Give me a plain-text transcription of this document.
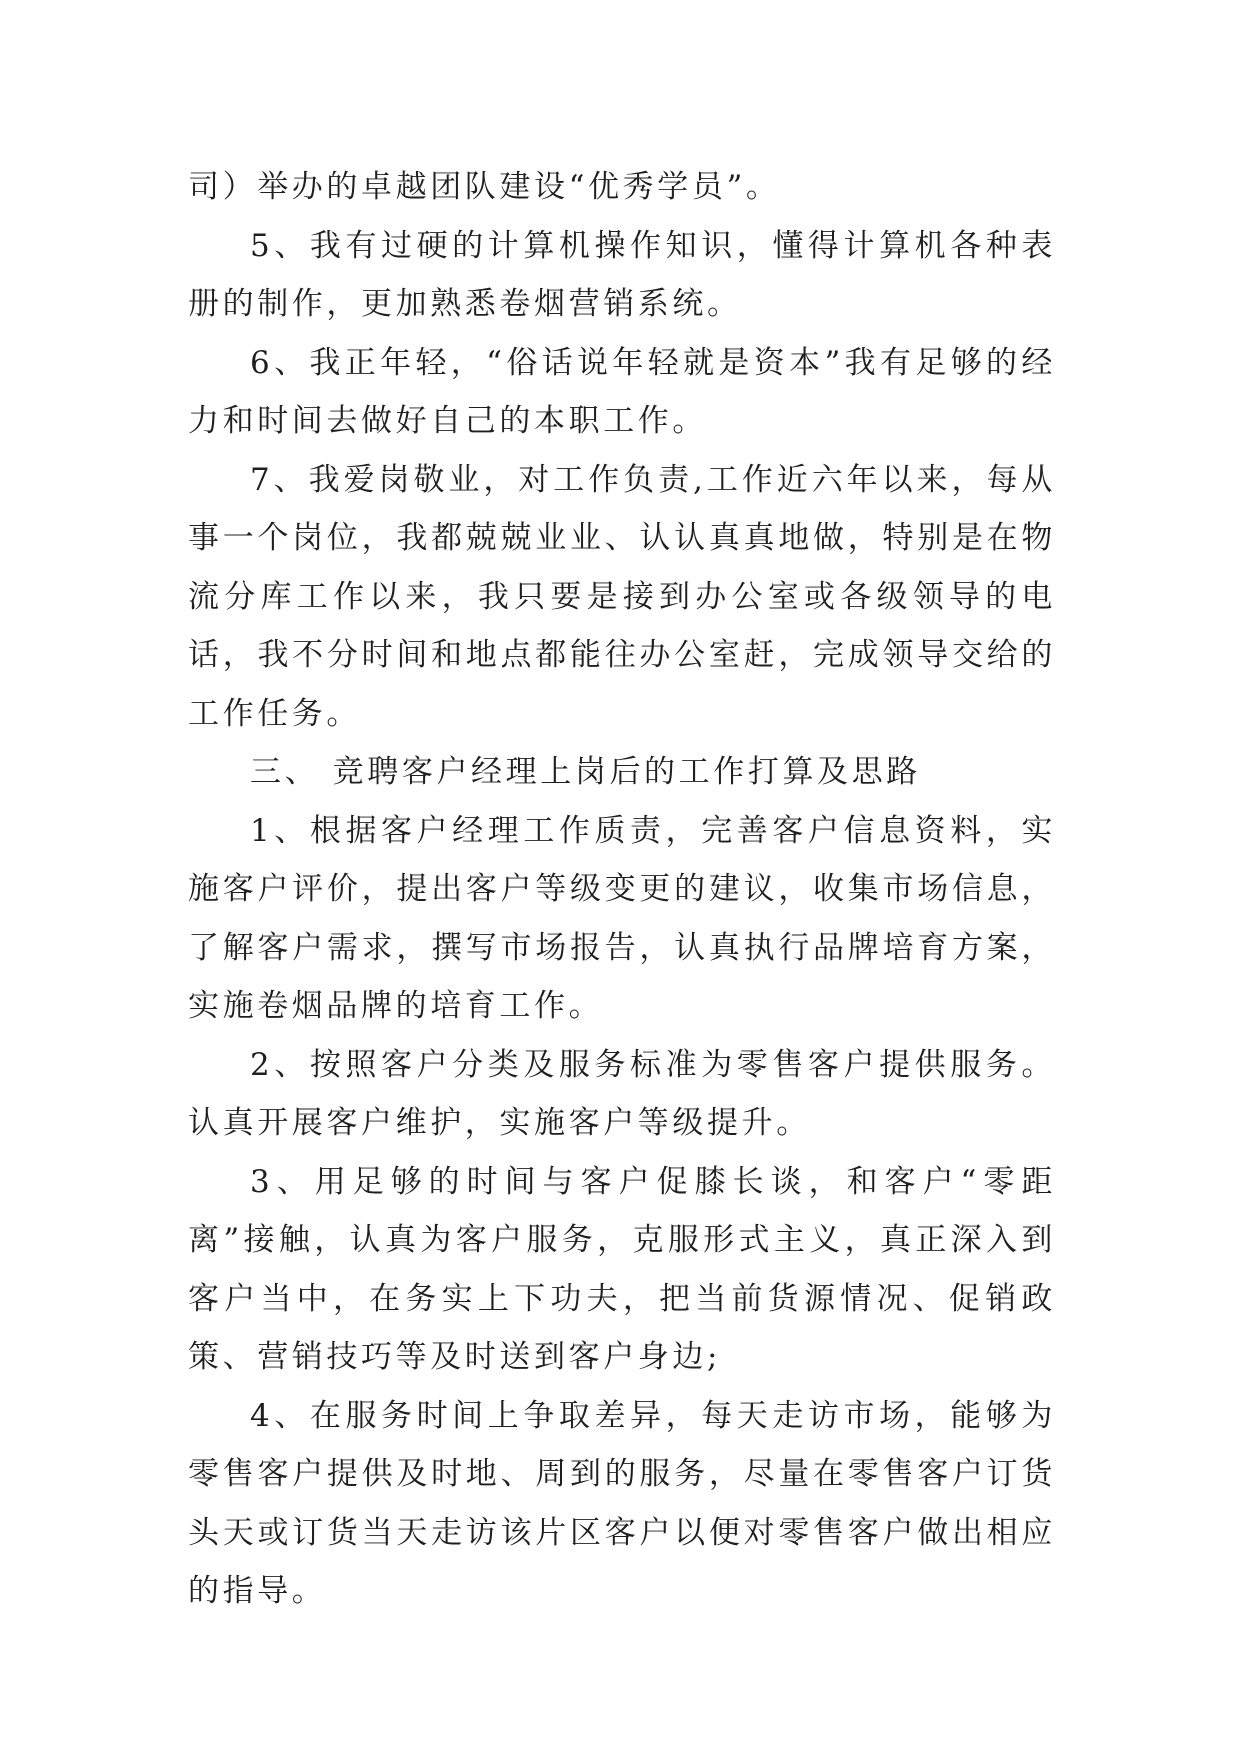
司）举办的卓越团队建设“优秀学员”。

5、我有过硬的计算机操作知识，懂得计算机各种表册的制作，更加熟悉卷烟营销系统。

6、我正年轻，“俗话说年轻就是资本”我有足够的经力和时间去做好自己的本职工作。

7、我爱岗敬业，对工作负责,工作近六年以来，每从事一个岗位，我都兢兢业业、认认真真地做，特别是在物流分库工作以来，我只要是接到办公室或各级领导的电话，我不分时间和地点都能往办公室赶，完成领导交给的工作任务。

三、 竞聘客户经理上岗后的工作打算及思路

1、根据客户经理工作质责，完善客户信息资料，实施客户评价，提出客户等级变更的建议，收集市场信息，了解客户需求，撰写市场报告，认真执行品牌培育方案，实施卷烟品牌的培育工作。

2、按照客户分类及服务标准为零售客户提供服务。认真开展客户维护，实施客户等级提升。

3、用足够的时间与客户促膝长谈，和客户“零距离”接触，认真为客户服务，克服形式主义，真正深入到客户当中，在务实上下功夫，把当前货源情况、促销政策、营销技巧等及时送到客户身边;

4、在服务时间上争取差异，每天走访市场，能够为零售客户提供及时地、周到的服务，尽量在零售客户订货头天或订货当天走访该片区客户以便对零售客户做出相应的指导。
